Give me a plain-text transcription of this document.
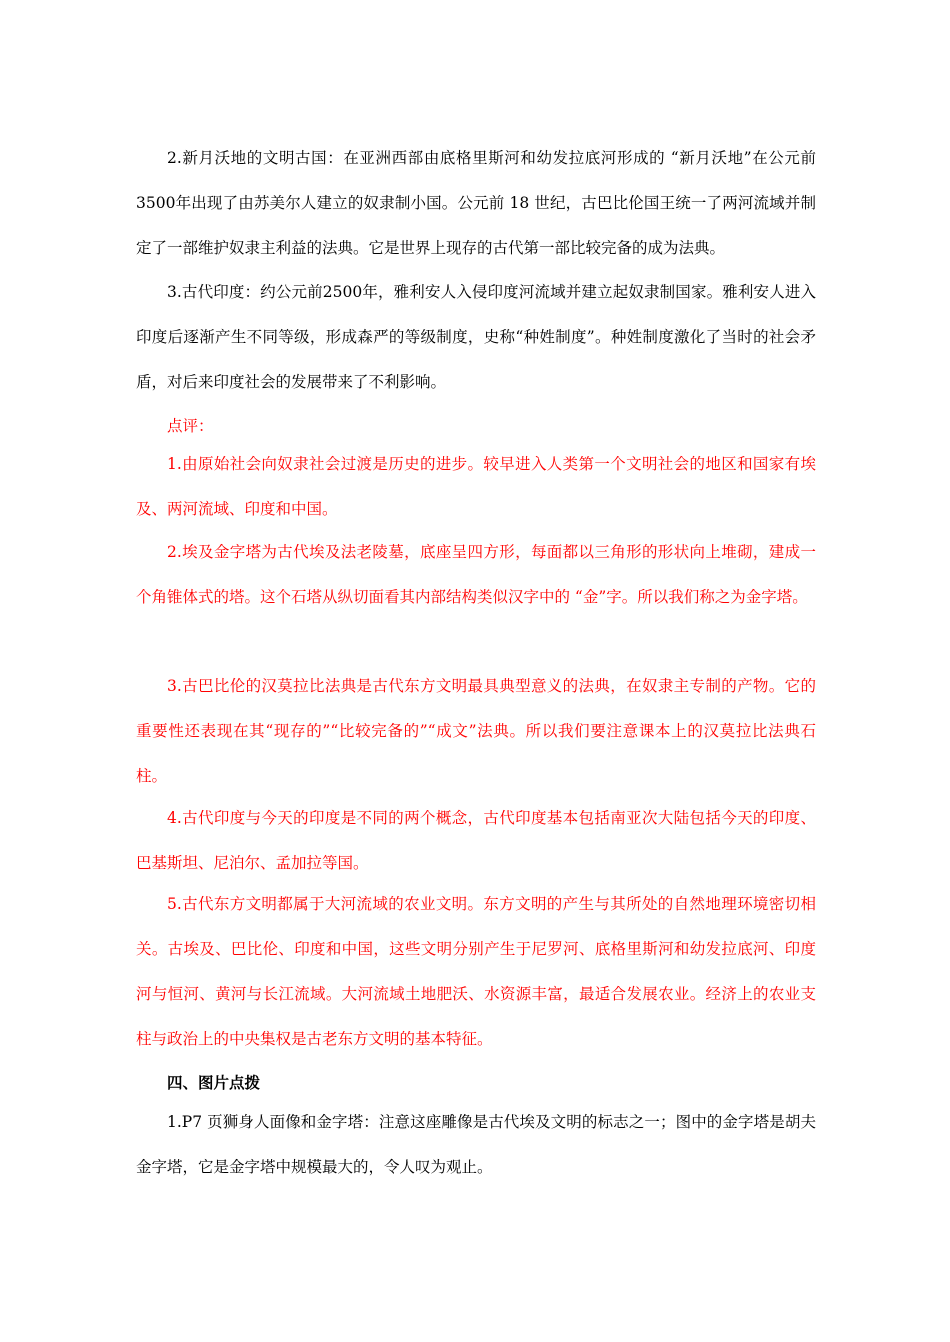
2.新月沃地的文明古国：在亚洲西部由底格里斯河和幼发拉底河形成的 “新月沃地”在公元前3500年出现了由苏美尔人建立的奴隶制小国。公元前 18 世纪，古巴比伦国王统一了两河流域并制定了一部维护奴隶主利益的法典。它是世界上现存的古代第一部比较完备的成为法典。

3.古代印度：约公元前2500年，雅利安人入侵印度河流域并建立起奴隶制国家。雅利安人进入印度后逐渐产生不同等级，形成森严的等级制度，史称“种姓制度”。种姓制度激化了当时的社会矛盾，对后来印度社会的发展带来了不利影响。

点评：

1.由原始社会向奴隶社会过渡是历史的进步。较早进入人类第一个文明社会的地区和国家有埃及、两河流域、印度和中国。

2.埃及金字塔为古代埃及法老陵墓，底座呈四方形，每面都以三角形的形状向上堆砌，建成一个角锥体式的塔。这个石塔从纵切面看其内部结构类似汉字中的 “金”字。所以我们称之为金字塔。

3.古巴比伦的汉莫拉比法典是古代东方文明最具典型意义的法典，在奴隶主专制的产物。它的重要性还表现在其“现存的”“比较完备的”“成文”法典。所以我们要注意课本上的汉莫拉比法典石柱。

4.古代印度与今天的印度是不同的两个概念，古代印度基本包括南亚次大陆包括今天的印度、巴基斯坦、尼泊尔、孟加拉等国。

5.古代东方文明都属于大河流域的农业文明。东方文明的产生与其所处的自然地理环境密切相关。古埃及、巴比伦、印度和中国，这些文明分别产生于尼罗河、底格里斯河和幼发拉底河、印度河与恒河、黄河与长江流域。大河流域土地肥沃、水资源丰富，最适合发展农业。经济上的农业支柱与政治上的中央集权是古老东方文明的基本特征。

四、图片点拨

1.P7 页狮身人面像和金字塔：注意这座雕像是古代埃及文明的标志之一；图中的金字塔是胡夫金字塔，它是金字塔中规模最大的，令人叹为观止。
